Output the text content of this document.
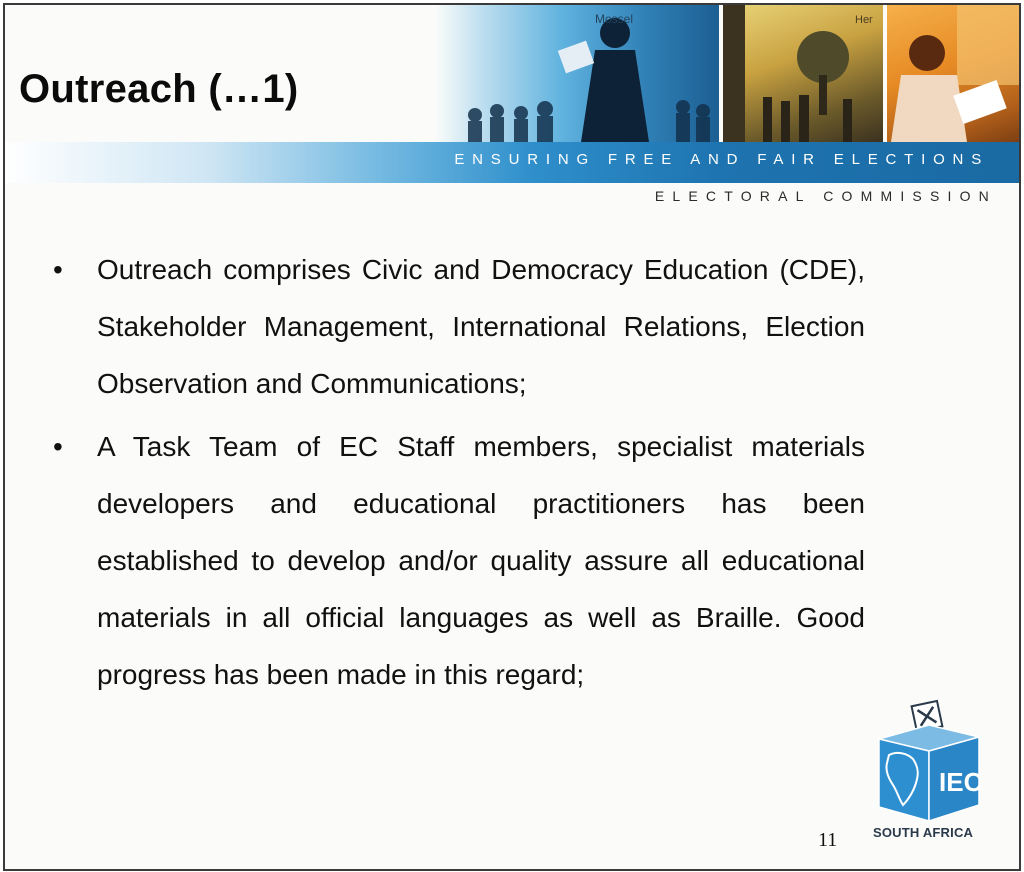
Mossel	Her
ENSURING FREE AND FAIR ELECTIONS
ELECTORAL COMMISSION
Outreach (…1)
•	Outreach comprises Civic and Democracy Education (CDE), Stakeholder Management, International Relations, Election Observation and Communications;
•	A Task Team of EC Staff members, specialist materials developers and educational practitioners has been established to develop and/or quality assure all educational materials in all official languages as well as Braille. Good progress has been made in this regard;
11
IEC
SOUTH AFRICA
